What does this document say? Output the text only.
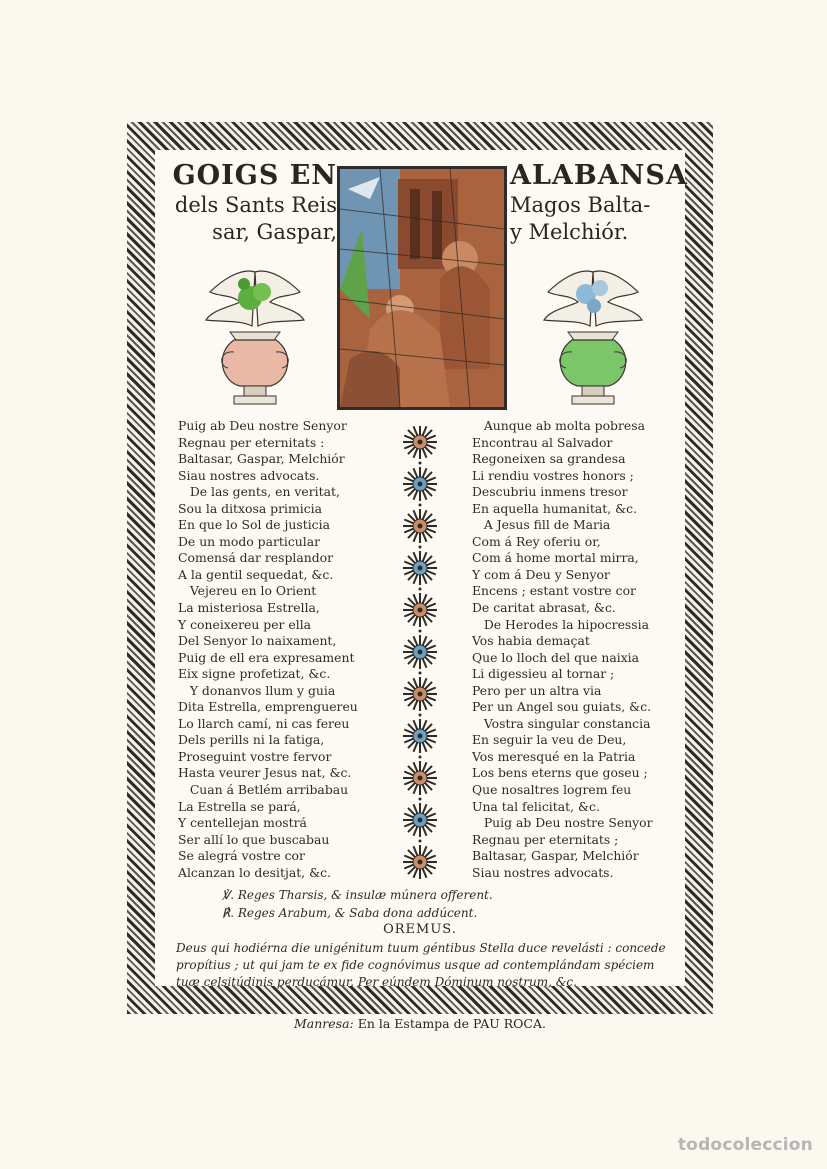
GOIGS EN
dels Sants Reis
sar, Gaspar,
ALABANSA
Magos Balta-
y Melchiór.
Puig ab Deu nostre Senyor
Regnau per eternitats :
Baltasar, Gaspar, Melchiór
Siau nostres advocats.
De las gents, en veritat,
Sou la ditxosa primicia
En que lo Sol de justicia
De un modo particular
Comensá dar resplandor
A la gentil sequedat, &c.
Vejereu en lo Orient
La misteriosa Estrella,
Y coneixereu per ella
Del Senyor lo naixament,
Puig de ell era expresament
Eix signe profetizat, &c.
Y donanvos llum y guia
Dita Estrella, emprenguereu
Lo llarch camí, ni cas fereu
Dels perills ni la fatiga,
Proseguint vostre fervor
Hasta veurer Jesus nat, &c.
Cuan á Betlém arribabau
La Estrella se pará,
Y centellejan mostrá
Ser allí lo que buscabau
Se alegrá vostre cor
Alcanzan lo desitjat, &c.
Aunque ab molta pobresa
Encontrau al Salvador
Regoneixen sa grandesa
Li rendiu vostres honors ;
Descubriu inmens tresor
En aquella humanitat, &c.
A Jesus fill de Maria
Com á Rey oferiu or,
Com á home mortal mirra,
Y com á Deu y Senyor
Encens ; estant vostre cor
De caritat abrasat, &c.
De Herodes la hipocressia
Vos habia demaçat
Que lo lloch del que naixia
Li digessieu al tornar ;
Pero per un altra via
Per un Angel sou guiats, &c.
Vostra singular constancia
En seguir la veu de Deu,
Vos meresqué en la Patria
Los bens eterns que goseu ;
Que nosaltres logrem feu
Una tal felicitat, &c.
Puig ab Deu nostre Senyor
Regnau per eternitats ;
Baltasar, Gaspar, Melchiór
Siau nostres advocats.
℣. Reges Tharsis, & insulæ múnera offerent.
℟. Reges Arabum, & Saba dona addúcent.
OREMUS.
Deus qui hodiérna die unigénitum tuum géntibus Stella duce revelásti : concede propítius ; ut qui jam te ex fide cognóvimus usque ad contemplándam spéciem tuæ celsitúdinis perducámur. Per eúndem Dóminum nostrum, &c.
Manresa: En la Estampa de PAU ROCA.
todocoleccion
